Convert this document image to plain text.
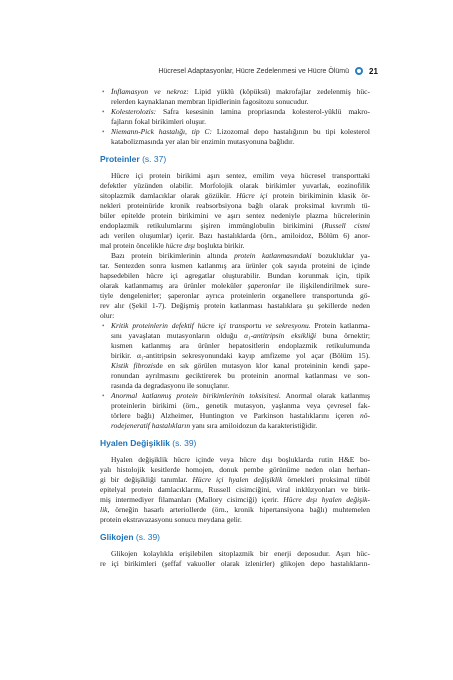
Hücresel Adaptasyonlar, Hücre Zedelenmesi ve Hücre Ölümü	21
• İnflamasyon ve nekroz: Lipid yüklü (köpüksü) makrofajlar zedelenmiş hüc-
relerden kaynaklanan membran lipidlerinin fagositozu sonucudur.
• Kolesterolozis: Safra kesesinin lamina propriasında kolesterol-yüklü makro-
fajların fokal birikimleri oluşur.
• Niemann-Pick hastalığı, tip C: Lizozomal depo hastalığının bu tipi kolesterol
katabolizmasında yer alan bir enzimin mutasyonuna bağlıdır.
Proteinler (s. 37)
Hücre içi protein birikimi aşırı sentez, emilim veya hücresel transporttaki
defektler yüzünden olabilir. Morfolojik olarak birikimler yuvarlak, eozinofilik
sitoplazmik damlacıklar olarak gözükür. Hücre içi protein birikiminin klasik ör-
nekleri proteinüride kronik reabsorbsiyona bağlı olarak proksimal kıvrımlı tü-
büler epitelde protein birikimini ve aşırı sentez nedeniyle plazma hücrelerinin
endoplazmik retikulumlarını şişiren immünglobulin birikimini (Russell cismi
adı verilen oluşumlar) içerir. Bazı hastalıklarda (örn., amiloidoz, Bölüm 6) anor-
mal protein öncelikle hücre dışı boşlukta birikir.
Bazı protein birikimlerinin altında protein katlanmasındaki bozukluklar ya-
tar. Sentezden sonra kısmen katlanmış ara ürünler çok sayıda proteini de içinde
hapsedebilen hücre içi agregatlar oluşturabilir. Bundan korunmak için, tipik
olarak katlanmamış ara ürünler moleküler şaperonlar ile ilişkilendirilmek sure-
tiyle dengelenirler; şaperonlar ayrıca proteinlerin organellere transportunda gö-
rev alır (Şekil 1-7). Değişmiş protein katlanması hastalıklara şu şekillerde neden
olur:
• Kritik proteinlerin defektif hücre içi transportu ve sekresyonu. Protein katlanma-
sını yavaşlatan mutasyonların olduğu α₁-antitripsin eksikliği buna örnektir;
kısmen katlanmış ara ürünler hepatositlerin endoplazmik retikulumunda
birikir. α₁-antitripsin sekresyonundaki kayıp amfizeme yol açar (Bölüm 15).
Kistik fibrozisde en sık görülen mutasyon klor kanal proteininin kendi şape-
ronundan ayrılmasını geciktirerek bu proteinin anormal katlanması ve son-
rasında da degradasyonu ile sonuçlanır.
• Anormal katlanmış protein birikimlerinin toksisitesi. Anormal olarak katlanmış
proteinlerin birikimi (örn., genetik mutasyon, yaşlanma veya çevresel fak-
törlere bağlı) Alzheimer, Huntington ve Parkinson hastalıklarını içeren nö-
rodejeneratif hastalıkların yanı sıra amiloidozun da karakteristiğidir.
Hyalen Değişiklik (s. 39)
Hyalen değişiklik hücre içinde veya hücre dışı boşluklarda rutin H&E bo-
yalı histolojik kesitlerde homojen, donuk pembe görünüme neden olan herhan-
gi bir değişikliği tanımlar. Hücre içi hyalen değişiklik örnekleri proksimal tübül
epitelyal protein damlacıklarını, Russell cisimciğini, viral inklüzyonları ve birik-
miş intermediyer filamanları (Mallory cisimciği) içerir. Hücre dışı hyalen değişik-
lik, örneğin hasarlı arteriollerde (örn., kronik hipertansiyona bağlı) muhtemelen
protein ekstravazasyonu sonucu meydana gelir.
Glikojen (s. 39)
Glikojen kolaylıkla erişilebilen sitoplazmik bir enerji deposudur. Aşırı hüc-
re içi birikimleri (şeffaf vakuoller olarak izlenirler) glikojen depo hastalıkların-
